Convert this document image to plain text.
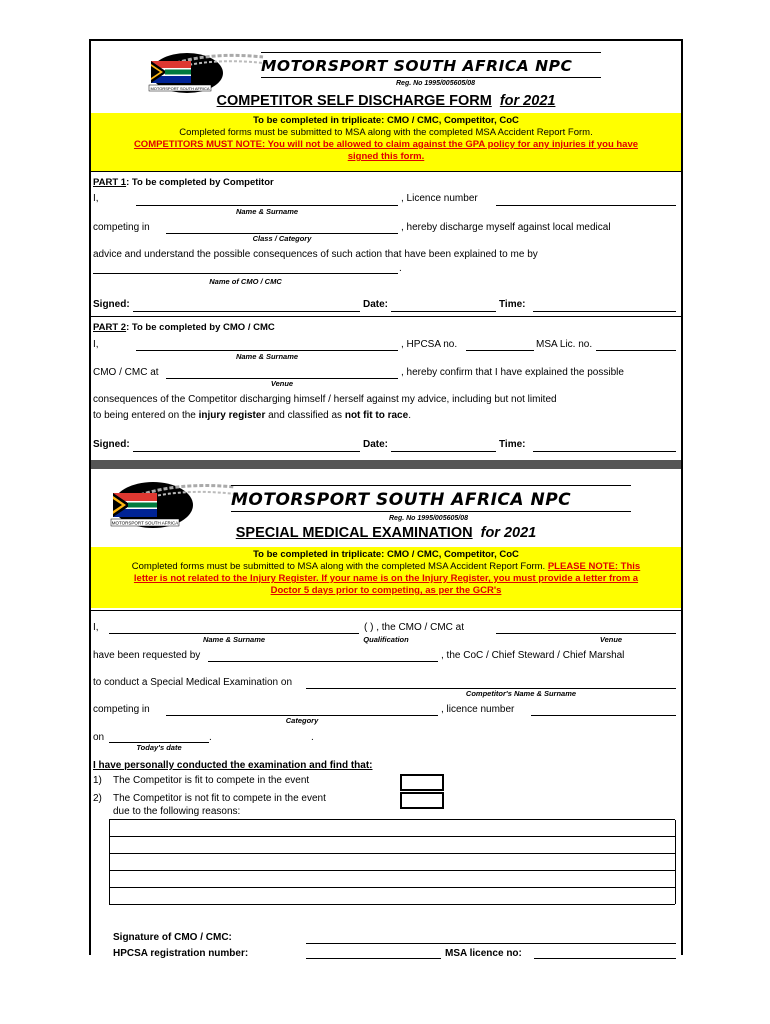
MOTORSPORT SOUTH AFRICA
MOTORSPORT SOUTH AFRICA NPC
Reg. No 1995/005605/08
COMPETITOR SELF DISCHARGE FORM for 2021
To be completed in triplicate: CMO / CMC, Competitor, CoC
Completed forms must be submitted to MSA along with the completed MSA Accident Report Form.
COMPETITORS MUST NOTE: You will not be allowed to claim against the GPA policy for any injuries if you have
signed this form.
PART 1: To be completed by Competitor
I,	, Licence number
Name & Surname
competing in	, hereby discharge myself against local medical
Class / Category
advice and understand the possible consequences of such action that have been explained to me by
.
Name of CMO / CMC
Signed:	Date:	Time:
PART 2: To be completed by CMO / CMC
I,	, HPCSA no.	MSA Lic. no.
Name & Surname
CMO / CMC at	, hereby confirm that I have explained the possible
Venue
consequences of the Competitor discharging himself / herself against my advice, including but not limited
to being entered on the injury register and classified as not fit to race.
Signed:	Date:	Time:
MOTORSPORT SOUTH AFRICA
MOTORSPORT SOUTH AFRICA NPC
Reg. No 1995/005605/08
SPECIAL MEDICAL EXAMINATION for 2021
To be completed in triplicate: CMO / CMC, Competitor, CoC
Completed forms must be submitted to MSA along with the completed MSA Accident Report Form. PLEASE NOTE: This
letter is not related to the Injury Register. If your name is on the Injury Register, you must provide a letter from a
Doctor 5 days prior to competing, as per the GCR's
I,	( ) , the CMO / CMC at
Name & Surname	Qualification	Venue
have been requested by	, the CoC / Chief Steward / Chief Marshal
to conduct a Special Medical Examination on
Competitor's Name & Surname
competing in	, licence number
Category
on	.	.
Today's date
I have personally conducted the examination and find that:
1) The Competitor is fit to compete in the event
2) The Competitor is not fit to compete in the event
due to the following reasons:
Signature of CMO / CMC:
HPCSA registration number:	MSA licence no:
